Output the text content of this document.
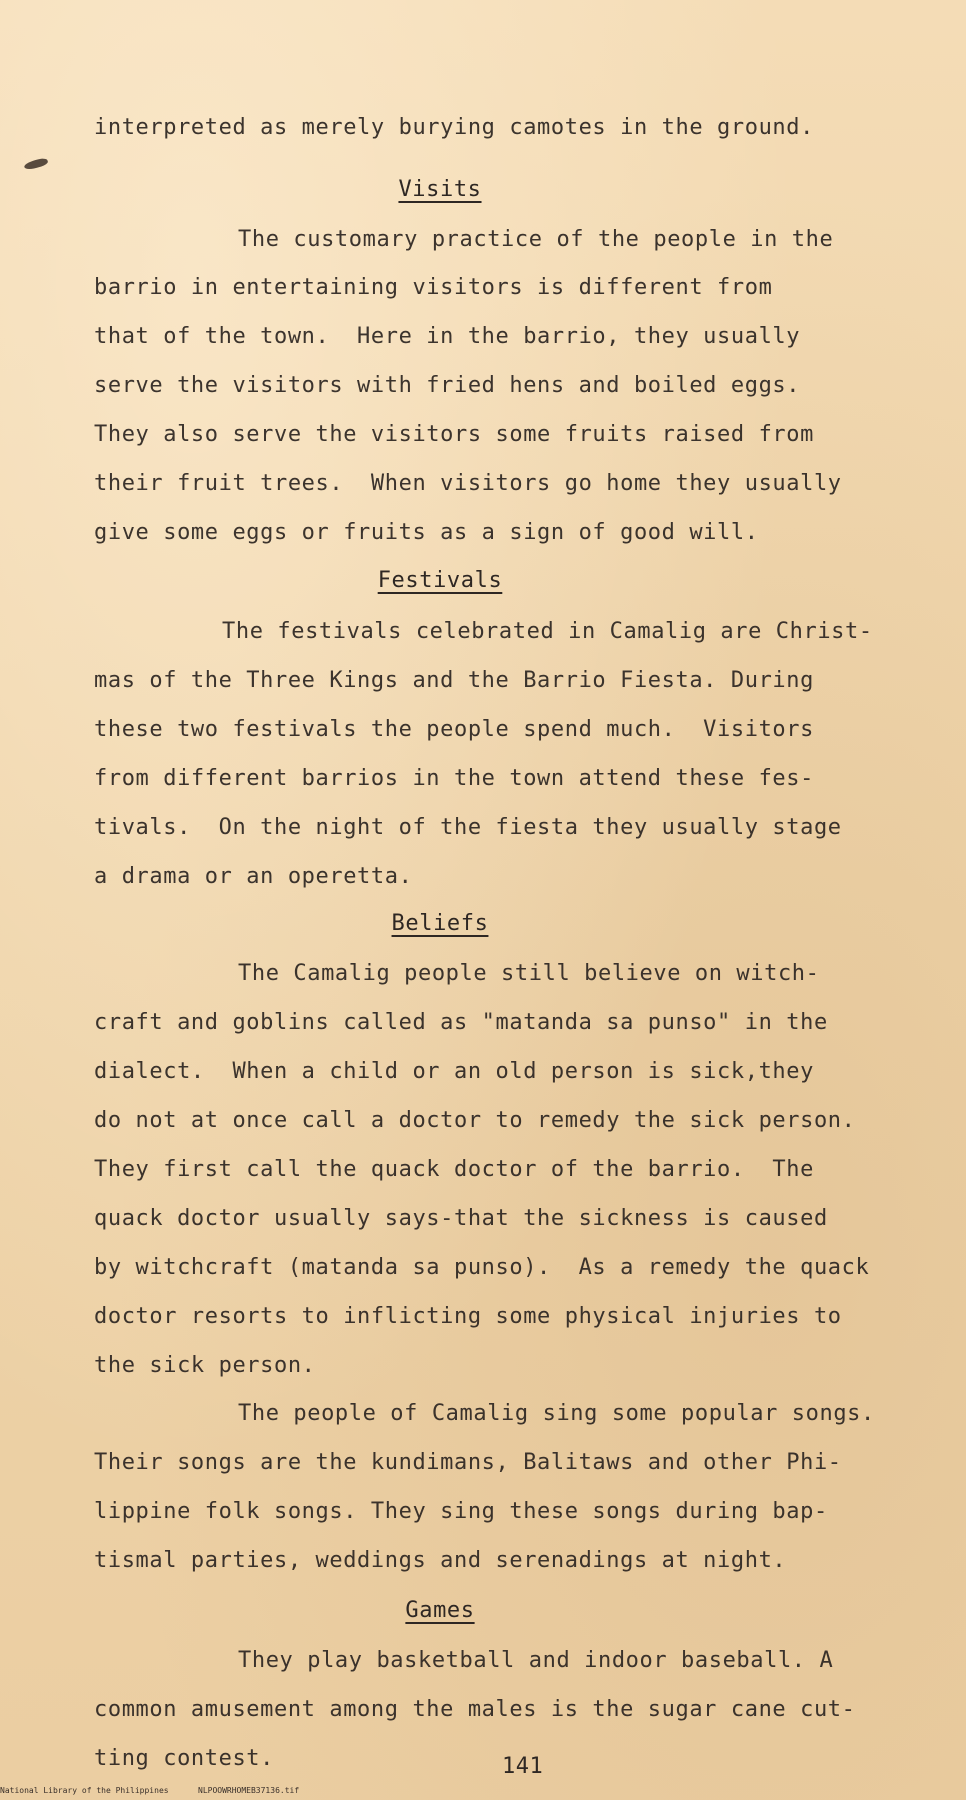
interpreted as merely burying camotes in the ground.
Visits
The customary practice of the people in the
barrio in entertaining visitors is different from
that of the town.  Here in the barrio, they usually
serve the visitors with fried hens and boiled eggs.
They also serve the visitors some fruits raised from
their fruit trees.  When visitors go home they usually
give some eggs or fruits as a sign of good will.
Festivals
The festivals celebrated in Camalig are Christ-
mas of the Three Kings and the Barrio Fiesta. During
these two festivals the people spend much.  Visitors
from different barrios in the town attend these fes-
tivals.  On the night of the fiesta they usually stage
a drama or an operetta.
Beliefs
The Camalig people still believe on witch-
craft and goblins called as "matanda sa punso" in the
dialect.  When a child or an old person is sick,they
do not at once call a doctor to remedy the sick person.
They first call the quack doctor of the barrio.  The
quack doctor usually says-that the sickness is caused
by witchcraft (matanda sa punso).  As a remedy the quack
doctor resorts to inflicting some physical injuries to
the sick person.
The people of Camalig sing some popular songs.
Their songs are the kundimans, Balitaws and other Phi-
lippine folk songs. They sing these songs during bap-
tismal parties, weddings and serenadings at night.
Games
They play basketball and indoor baseball. A
common amusement among the males is the sugar cane cut-
ting contest.	141
National Library of the Philippines	NLPOOWRHOMEB37136.tif
